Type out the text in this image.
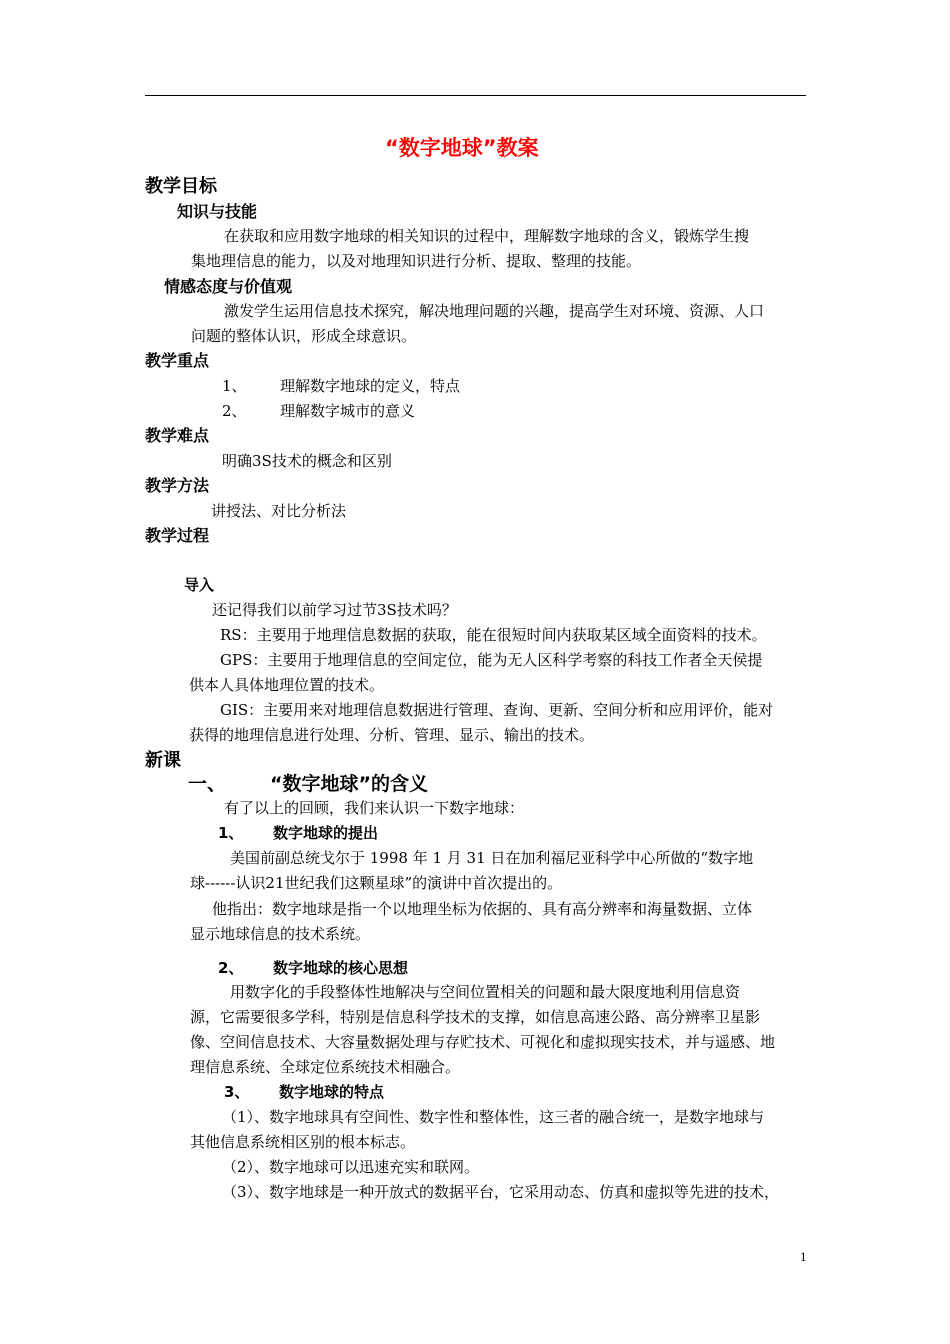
“数字地球”教案
教学目标
知识与技能
在获取和应用数字地球的相关知识的过程中，理解数字地球的含义，锻炼学生搜
集地理信息的能力，以及对地理知识进行分析、提取、整理的技能。
情感态度与价值观
激发学生运用信息技术探究，解决地理问题的兴趣，提高学生对环境、资源、人口
问题的整体认识，形成全球意识。
教学重点
1、 理解数字地球的定义，特点
2、 理解数字城市的意义
教学难点
明确3S技术的概念和区别
教学方法
讲授法、对比分析法
教学过程
导入
还记得我们以前学习过节3S技术吗？
RS：主要用于地理信息数据的获取，能在很短时间内获取某区域全面资料的技术。
GPS：主要用于地理信息的空间定位，能为无人区科学考察的科技工作者全天侯提
供本人具体地理位置的技术。
GIS：主要用来对地理信息数据进行管理、查询、更新、空间分析和应用评价，能对
获得的地理信息进行处理、分析、管理、显示、输出的技术。
新课
一、 “数字地球”的含义
有了以上的回顾，我们来认识一下数字地球：
1、 数字地球的提出
美国前副总统戈尔于 1998 年 1 月 31 日在加利福尼亚科学中心所做的“数字地
球------认识21世纪我们这颗星球”的演讲中首次提出的。
他指出：数字地球是指一个以地理坐标为依据的、具有高分辨率和海量数据、立体
显示地球信息的技术系统。
2、 数字地球的核心思想
用数字化的手段整体性地解决与空间位置相关的问题和最大限度地利用信息资
源，它需要很多学科，特别是信息科学技术的支撑，如信息高速公路、高分辨率卫星影
像、空间信息技术、大容量数据处理与存贮技术、可视化和虚拟现实技术，并与遥感、地
理信息系统、全球定位系统技术相融合。
3、 数字地球的特点
（1）、数字地球具有空间性、数字性和整体性，这三者的融合统一，是数字地球与
其他信息系统相区别的根本标志。
（2）、数字地球可以迅速充实和联网。
（3）、数字地球是一种开放式的数据平台，它采用动态、仿真和虚拟等先进的技术，
1
